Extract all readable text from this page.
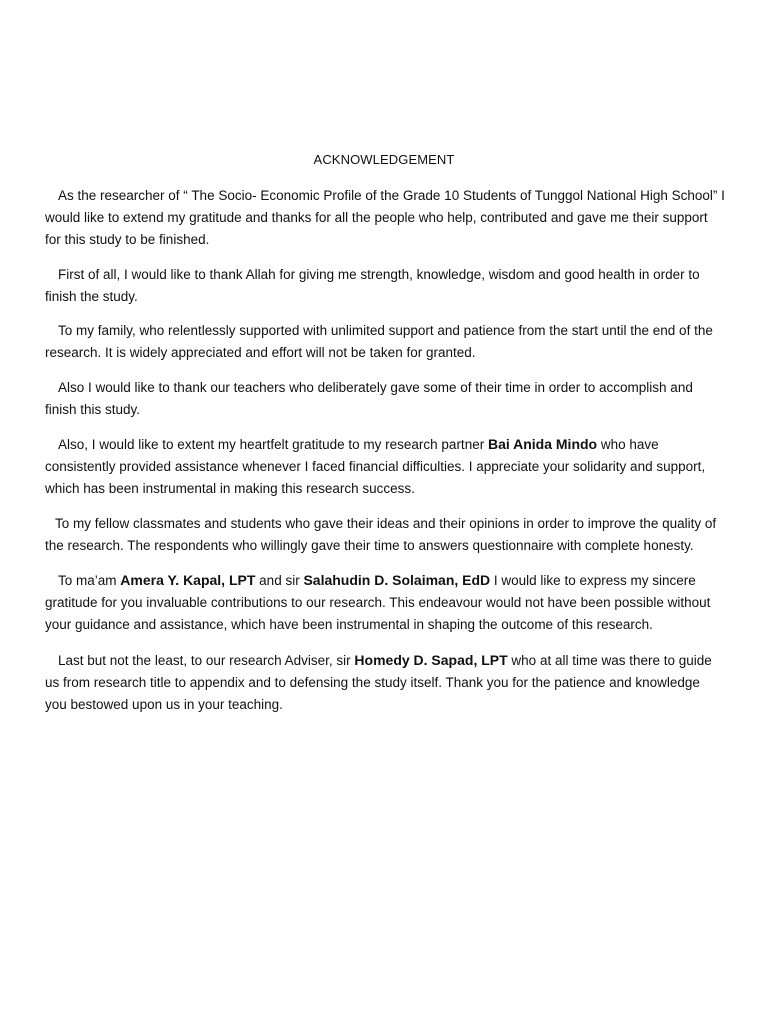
ACKNOWLEDGEMENT

As the researcher of “ The Socio- Economic Profile of the Grade 10 Students of Tunggol National High School” I would like to extend my gratitude and thanks for all the people who help, contributed and gave me their support for this study to be finished.

First of all, I would like to thank Allah for giving me strength, knowledge, wisdom and good health in order to finish the study.

To my family, who relentlessly supported with unlimited support and patience from the start until the end of the research. It is widely appreciated and effort will not be taken for granted.

Also I would like to thank our teachers who deliberately gave some of their time in order to accomplish and finish this study.

Also, I would like to extent my heartfelt gratitude to my research partner Bai Anida Mindo who have consistently provided assistance whenever I faced financial difficulties. I appreciate your solidarity and support, which has been instrumental in making this research success.

To my fellow classmates and students who gave their ideas and their opinions in order to improve the quality of the research. The respondents who willingly gave their time to answers questionnaire with complete honesty.

To ma’am Amera Y. Kapal, LPT and sir Salahudin D. Solaiman, EdD I would like to express my sincere gratitude for you invaluable contributions to our research. This endeavour would not have been possible without your guidance and assistance, which have been instrumental in shaping the outcome of this research.

Last but not the least, to our research Adviser, sir Homedy D. Sapad, LPT who at all time was there to guide us from research title to appendix and to defensing the study itself. Thank you for the patience and knowledge you bestowed upon us in your teaching.
